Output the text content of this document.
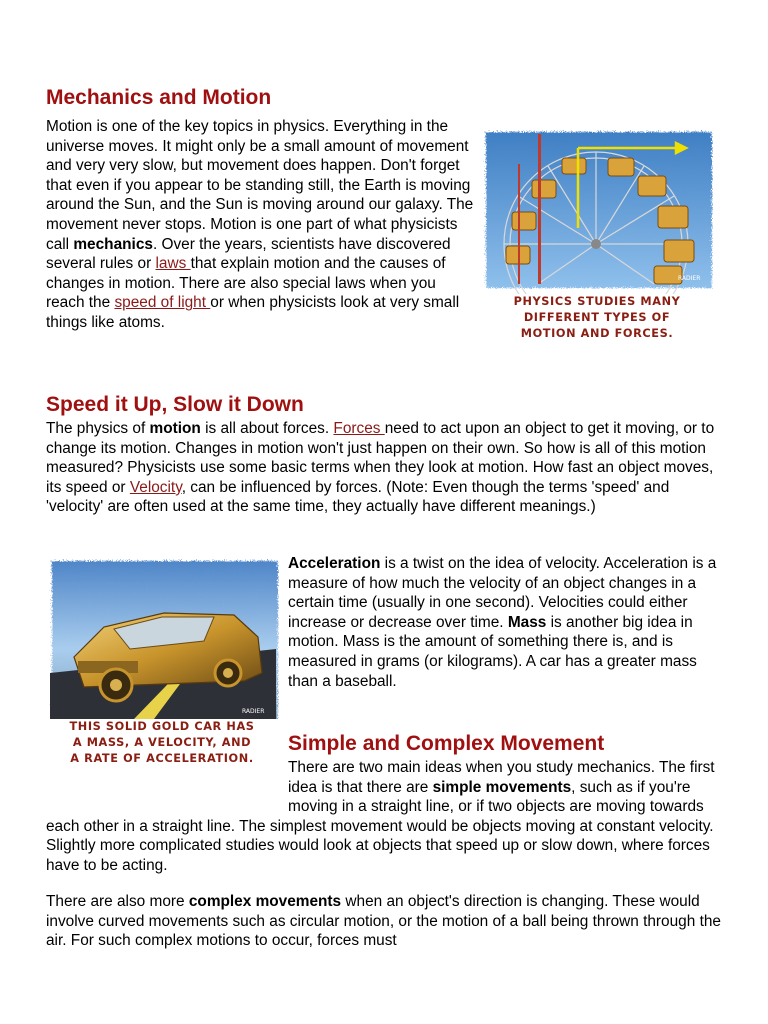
Mechanics and Motion

Motion is one of the key topics in physics. Everything in the universe moves. It might only be a small amount of movement and very very slow, but movement does happen. Don't forget that even if you appear to be standing still, the Earth is moving around the Sun, and the Sun is moving around our galaxy. The movement never stops. Motion is one part of what physicists call mechanics. Over the years, scientists have discovered several rules or laws that explain motion and the causes of changes in motion. There are also special laws when you reach the speed of light or when physicists look at very small things like atoms.

RADIER
PHYSICS STUDIES MANY
DIFFERENT TYPES OF
MOTION AND FORCES.
Speed it Up, Slow it Down

The physics of motion is all about forces. Forces need to act upon an object to get it moving, or to change its motion. Changes in motion won't just happen on their own. So how is all of this motion measured? Physicists use some basic terms when they look at motion. How fast an object moves, its speed or Velocity, can be influenced by forces. (Note: Even though the terms 'speed' and 'velocity' are often used at the same time, they actually have different meanings.)

RADIER
THIS SOLID GOLD CAR HAS
A MASS, A VELOCITY, AND
A RATE OF ACCELERATION.

Acceleration is a twist on the idea of velocity. Acceleration is a measure of how much the velocity of an object changes in a certain time (usually in one second). Velocities could either increase or decrease over time. Mass is another big idea in motion. Mass is the amount of something there is, and is measured in grams (or kilograms). A car has a greater mass than a baseball.

Simple and Complex Movement

There are two main ideas when you study mechanics. The first idea is that there are simple movements, such as if you're moving in a straight line, or if two objects are moving towards each other in a straight line. The simplest movement would be objects moving at constant velocity. Slightly more complicated studies would look at objects that speed up or slow down, where forces have to be acting.

There are also more complex movements when an object's direction is changing. These would involve curved movements such as circular motion, or the motion of a ball being thrown through the air. For such complex motions to occur, forces must
